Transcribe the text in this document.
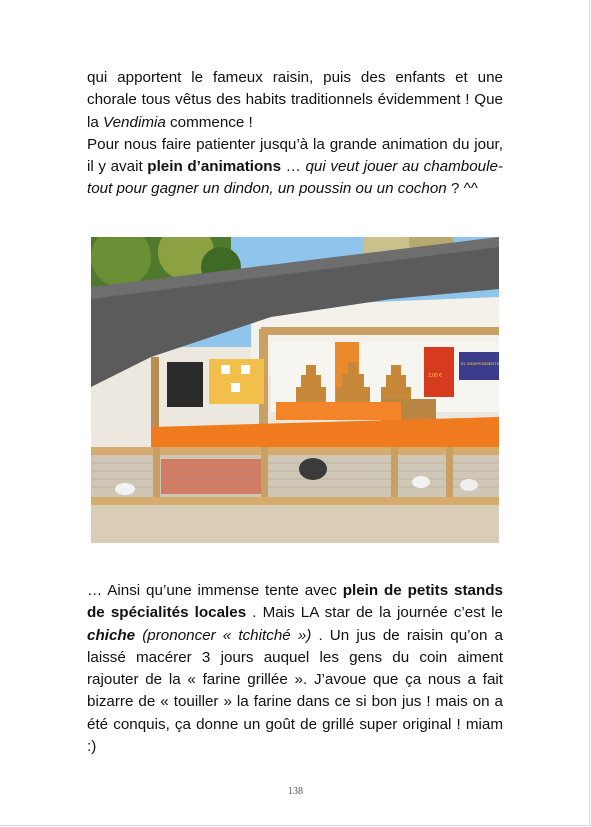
qui apportent le fameux raisin, puis des enfants et une chorale tous vêtus des habits traditionnels évidemment ! Que la Vendimia commence !
Pour nous faire patienter jusqu’à la grande animation du jour, il y avait plein d’animations … qui veut jouer au chamboule-tout pour gagner un dindon, un poussin ou un cochon ? ^^

EL INDEPENDIENTE
2,00 €

… Ainsi qu’une immense tente avec plein de petits stands de spécialités locales . Mais LA star de la journée c’est le chiche (prononcer « tchitché ») . Un jus de raisin qu’on a laissé macérer 3 jours auquel les gens du coin aiment rajouter de la « farine grillée ». J’avoue que ça nous a fait bizarre de « touiller » la farine dans ce si bon jus ! mais on a été conquis, ça donne un goût de grillé super original ! miam :)

138
